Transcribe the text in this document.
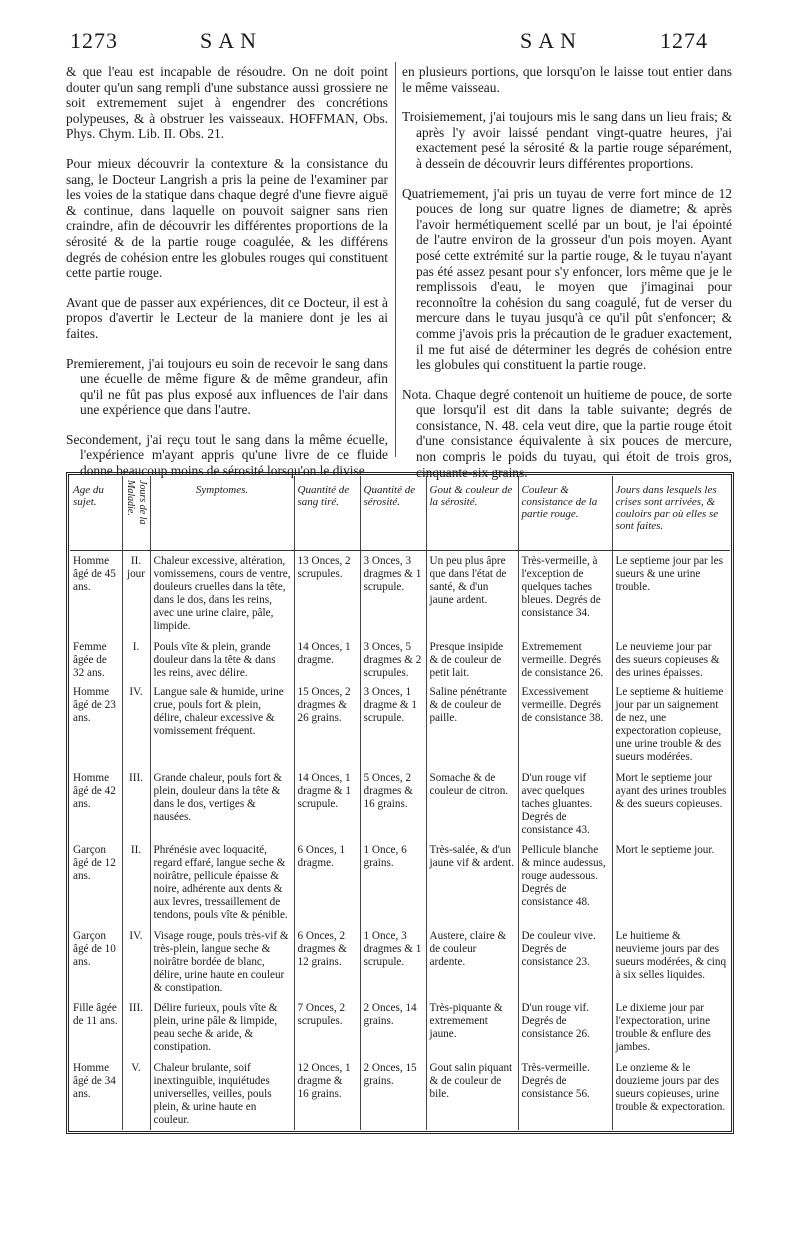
1273	SAN	SAN	1274

& que l'eau est incapable de résoudre. On ne doit point douter qu'un sang rempli d'une substance aussi grossiere ne soit extremement sujet à engendrer des concrétions polypeuses, & à obstruer les vaisseaux. HOFFMAN, Obs. Phys. Chym. Lib. II. Obs. 21.

Pour mieux découvrir la contexture & la consistance du sang, le Docteur Langrish a pris la peine de l'examiner par les voies de la statique dans chaque degré d'une fievre aiguë & continue, dans laquelle on pouvoit saigner sans rien craindre, afin de découvrir les différentes proportions de la sérosité & de la partie rouge coagulée, & les différens degrés de cohésion entre les globules rouges qui constituent cette partie rouge.

Avant que de passer aux expériences, dit ce Docteur, il est à propos d'avertir le Lecteur de la maniere dont je les ai faites.

Premierement, j'ai toujours eu soin de recevoir le sang dans une écuelle de même figure & de même grandeur, afin qu'il ne fût pas plus exposé aux influences de l'air dans une expérience que dans l'autre.

Secondement, j'ai reçu tout le sang dans la même écuelle, l'expérience m'ayant appris qu'une livre de ce fluide donne beaucoup moins de sérosité lorsqu'on le divise

en plusieurs portions, que lorsqu'on le laisse tout entier dans le même vaisseau.

Troisiemement, j'ai toujours mis le sang dans un lieu frais; & après l'y avoir laissé pendant vingt-quatre heures, j'ai exactement pesé la sérosité & la partie rouge séparément, à dessein de découvrir leurs différentes proportions.

Quatriemement, j'ai pris un tuyau de verre fort mince de 12 pouces de long sur quatre lignes de diametre; & après l'avoir hermétiquement scellé par un bout, je l'ai épointé de l'autre environ de la grosseur d'un pois moyen. Ayant posé cette extrémité sur la partie rouge, & le tuyau n'ayant pas été assez pesant pour s'y enfoncer, lors même que je le remplissois d'eau, le moyen que j'imaginai pour reconnoître la cohésion du sang coagulé, fut de verser du mercure dans le tuyau jusqu'à ce qu'il pût s'enfoncer; & comme j'avois pris la précaution de le graduer exactement, il me fut aisé de déterminer les degrés de cohésion entre les globules qui constituent la partie rouge.

Nota. Chaque degré contenoit un huitieme de pouce, de sorte que lorsqu'il est dit dans la table suivante; degrés de consistance, N. 48. cela veut dire, que la partie rouge étoit d'une consistance équivalente à six pouces de mercure, non compris le poids du tuyau, qui étoit de trois gros, cinquante-six grains.

Age du sujet.	Jours de la Maladie.	Symptomes.	Quantité de sang tiré.	Quantité de sérosité.	Gout & couleur de la sérosité.	Couleur & consistance de la partie rouge.	Jours dans lesquels les crises sont arrivées, & couloirs par où elles se sont faites.
Homme âgé de 45 ans.	II. jour	Chaleur excessive, altération, vomissemens, cours de ventre, douleurs cruelles dans la tête, dans le dos, dans les reins, avec une urine claire, pâle, limpide.	13 Onces, 2 scrupules.	3 Onces, 3 dragmes & 1 scrupule.	Un peu plus âpre que dans l'état de santé, & d'un jaune ardent.	Très-vermeille, à l'exception de quelques taches bleues. Degrés de consistance 34.	Le septieme jour par les sueurs & une urine trouble.
Femme âgée de 32 ans.	I.	Pouls vîte & plein, grande douleur dans la tête & dans les reins, avec délire.	14 Onces, 1 dragme.	3 Onces, 5 dragmes & 2 scrupules.	Presque insipide & de couleur de petit lait.	Extremement vermeille. Degrés de consistance 26.	Le neuvieme jour par des sueurs copieuses & des urines épaisses.
Homme âgé de 23 ans.	IV.	Langue sale & humide, urine crue, pouls fort & plein, délire, chaleur excessive & vomissement fréquent.	15 Onces, 2 dragmes & 26 grains.	3 Onces, 1 dragme & 1 scrupule.	Saline pénétrante & de couleur de paille.	Excessivement vermeille. Degrés de consistance 38.	Le septieme & huitieme jour par un saignement de nez, une expectoration copieuse, une urine trouble & des sueurs modérées.
Homme âgé de 42 ans.	III.	Grande chaleur, pouls fort & plein, douleur dans la tête & dans le dos, vertiges & nausées.	14 Onces, 1 dragme & 1 scrupule.	5 Onces, 2 dragmes & 16 grains.	Somache & de couleur de citron.	D'un rouge vif avec quelques taches gluantes. Degrés de consistance 43.	Mort le septieme jour ayant des urines troubles & des sueurs copieuses.
Garçon âgé de 12 ans.	II.	Phrénésie avec loquacité, regard effaré, langue seche & noirâtre, pellicule épaisse & noire, adhérente aux dents & aux levres, tressaillement de tendons, pouls vîte & pénible.	6 Onces, 1 dragme.	1 Once, 6 grains.	Très-salée, & d'un jaune vif & ardent.	Pellicule blanche & mince audessus, rouge audessous. Degrés de consistance 48.	Mort le septieme jour.
Garçon âgé de 10 ans.	IV.	Visage rouge, pouls très-vif & très-plein, langue seche & noirâtre bordée de blanc, délire, urine haute en couleur & constipation.	6 Onces, 2 dragmes & 12 grains.	1 Once, 3 dragmes & 1 scrupule.	Austere, claire & de couleur ardente.	De couleur vive. Degrés de consistance 23.	Le huitieme & neuvieme jours par des sueurs modérées, & cinq à six selles liquides.
Fille âgée de 11 ans.	III.	Délire furieux, pouls vîte & plein, urine pâle & limpide, peau seche & aride, & constipation.	7 Onces, 2 scrupules.	2 Onces, 14 grains.	Très-piquante & extremement jaune.	D'un rouge vif. Degrés de consistance 26.	Le dixieme jour par l'expectoration, urine trouble & enflure des jambes.
Homme âgé de 34 ans.	V.	Chaleur brulante, soif inextinguible, inquiétudes universelles, veilles, pouls plein, & urine haute en couleur.	12 Onces, 1 dragme & 16 grains.	2 Onces, 15 grains.	Gout salin piquant & de couleur de bile.	Très-vermeille. Degrés de consistance 56.	Le onzieme & le douzieme jours par des sueurs copieuses, urine trouble & expectoration.
